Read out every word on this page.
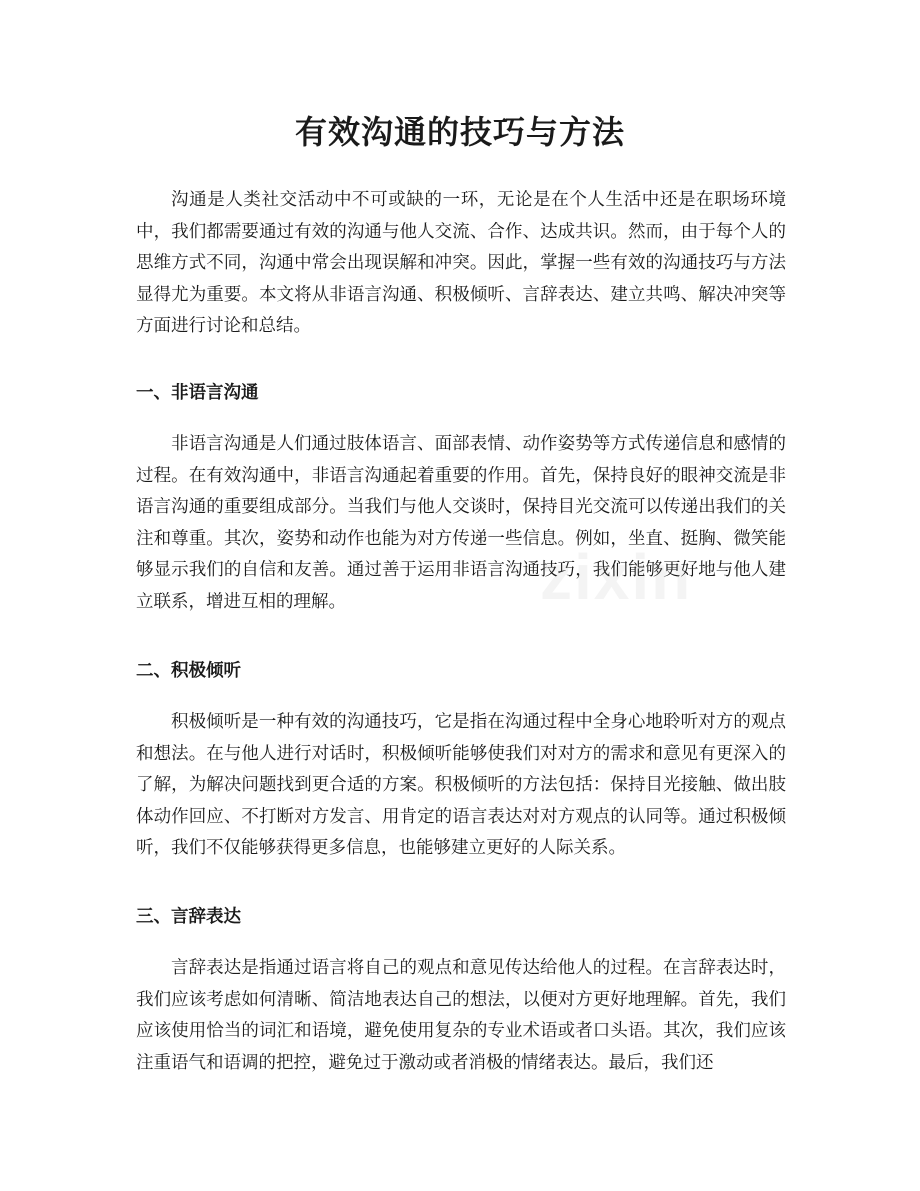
有效沟通的技巧与方法

沟通是人类社交活动中不可或缺的一环，无论是在个人生活中还是在职场环境中，我们都需要通过有效的沟通与他人交流、合作、达成共识。然而，由于每个人的思维方式不同，沟通中常会出现误解和冲突。因此，掌握一些有效的沟通技巧与方法显得尤为重要。本文将从非语言沟通、积极倾听、言辞表达、建立共鸣、解决冲突等方面进行讨论和总结。

一、非语言沟通

非语言沟通是人们通过肢体语言、面部表情、动作姿势等方式传递信息和感情的过程。在有效沟通中，非语言沟通起着重要的作用。首先，保持良好的眼神交流是非语言沟通的重要组成部分。当我们与他人交谈时，保持目光交流可以传递出我们的关注和尊重。其次，姿势和动作也能为对方传递一些信息。例如，坐直、挺胸、微笑能够显示我们的自信和友善。通过善于运用非语言沟通技巧，我们能够更好地与他人建立联系，增进互相的理解。

二、积极倾听

积极倾听是一种有效的沟通技巧，它是指在沟通过程中全身心地聆听对方的观点和想法。在与他人进行对话时，积极倾听能够使我们对对方的需求和意见有更深入的了解，为解决问题找到更合适的方案。积极倾听的方法包括：保持目光接触、做出肢体动作回应、不打断对方发言、用肯定的语言表达对对方观点的认同等。通过积极倾听，我们不仅能够获得更多信息，也能够建立更好的人际关系。

三、言辞表达

言辞表达是指通过语言将自己的观点和意见传达给他人的过程。在言辞表达时，我们应该考虑如何清晰、简洁地表达自己的想法，以便对方更好地理解。首先，我们应该使用恰当的词汇和语境，避免使用复杂的专业术语或者口头语。其次，我们应该注重语气和语调的把控，避免过于激动或者消极的情绪表达。最后，我们还

zixin
